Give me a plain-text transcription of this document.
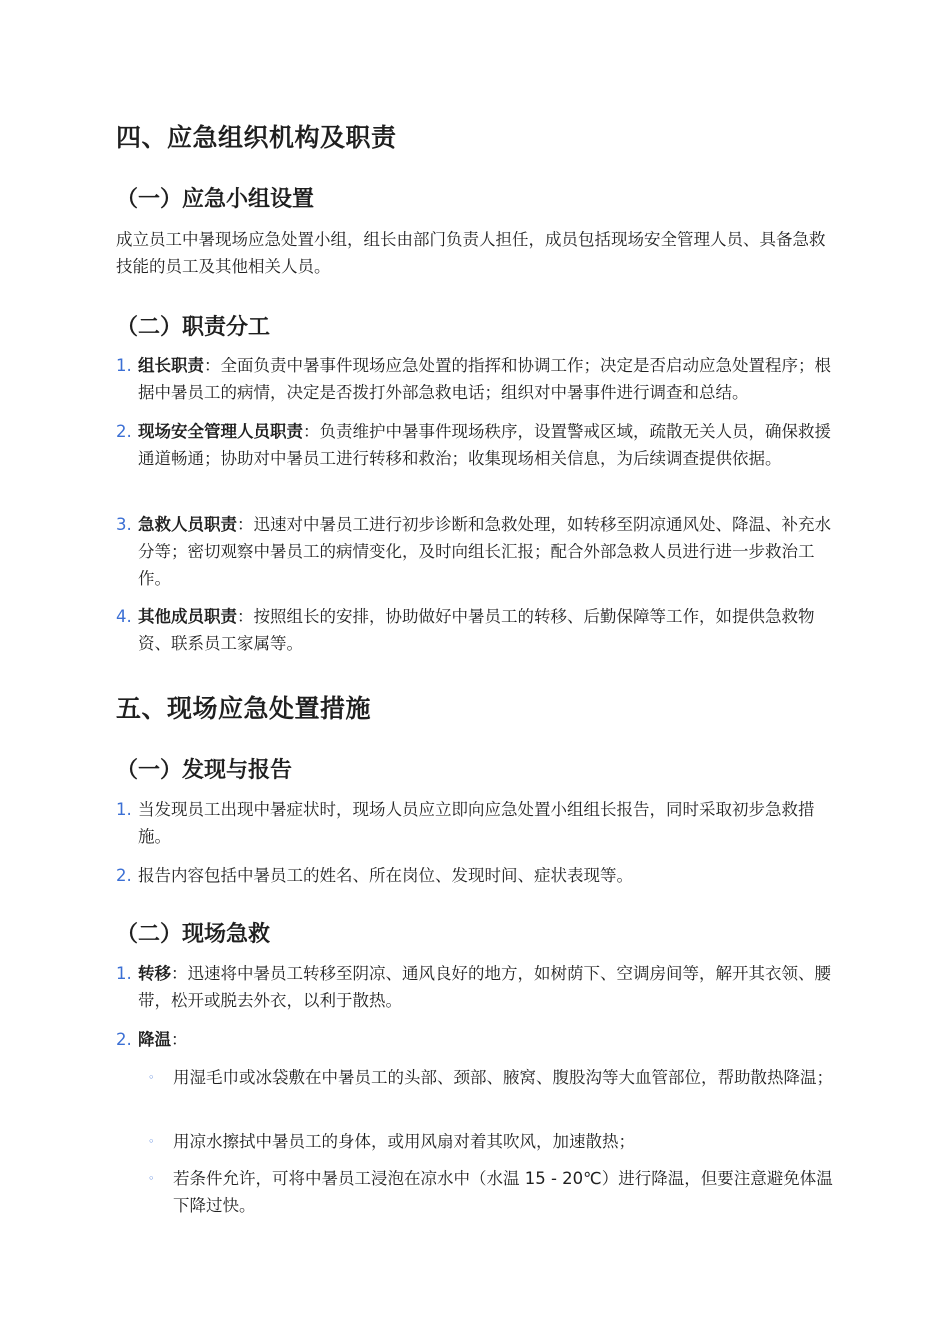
四、应急组织机构及职责
（一）应急小组设置
成立员工中暑现场应急处置小组，组长由部门负责人担任，成员包括现场安全管理人员、具备急救技能的员工及其他相关人员。
（二）职责分工
1. 组长职责：全面负责中暑事件现场应急处置的指挥和协调工作；决定是否启动应急处置程序；根据中暑员工的病情，决定是否拨打外部急救电话；组织对中暑事件进行调查和总结。
2. 现场安全管理人员职责：负责维护中暑事件现场秩序，设置警戒区域，疏散无关人员，确保救援通道畅通；协助对中暑员工进行转移和救治；收集现场相关信息，为后续调查提供依据。
3. 急救人员职责：迅速对中暑员工进行初步诊断和急救处理，如转移至阴凉通风处、降温、补充水分等；密切观察中暑员工的病情变化，及时向组长汇报；配合外部急救人员进行进一步救治工作。
4. 其他成员职责：按照组长的安排，协助做好中暑员工的转移、后勤保障等工作，如提供急救物资、联系员工家属等。
五、现场应急处置措施
（一）发现与报告
1. 当发现员工出现中暑症状时，现场人员应立即向应急处置小组组长报告，同时采取初步急救措施。
2. 报告内容包括中暑员工的姓名、所在岗位、发现时间、症状表现等。
（二）现场急救
1. 转移：迅速将中暑员工转移至阴凉、通风良好的地方，如树荫下、空调房间等，解开其衣领、腰带，松开或脱去外衣，以利于散热。
2. 降温：
◦ 用湿毛巾或冰袋敷在中暑员工的头部、颈部、腋窝、腹股沟等大血管部位，帮助散热降温；
◦ 用凉水擦拭中暑员工的身体，或用风扇对着其吹风，加速散热；
◦ 若条件允许，可将中暑员工浸泡在凉水中（水温 15 - 20℃）进行降温，但要注意避免体温下降过快。
